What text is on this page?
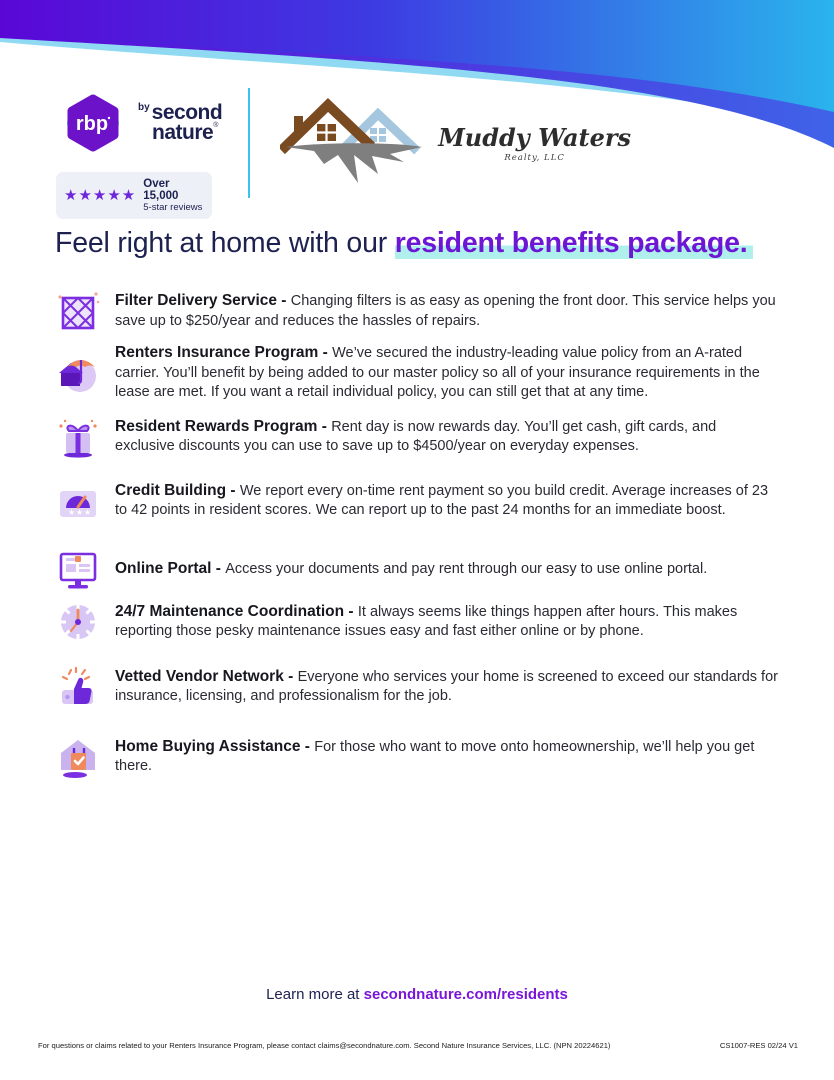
rbp
$^{by}$second
nature®
★★★★★
Over 15,000
5-star reviews
Muddy Waters
Realty, LLC
Feel right at home with our resident benefits package.
Filter Delivery Service - Changing filters is as easy as opening the front door. This service helps you save up to $250/year and reduces the hassles of repairs.
Renters Insurance Program - We’ve secured the industry-leading value policy from an A-rated carrier. You’ll benefit by being added to our master policy so all of your insurance requirements in the lease are met. If you want a retail individual policy, you can still get that at any time.
Resident Rewards Program - Rent day is now rewards day. You’ll get cash, gift cards, and exclusive discounts you can use to save up to $4500/year on everyday expenses.
★ ★ ★
Credit Building - We report every on-time rent payment so you build credit. Average increases of 23 to 42 points in resident scores. We can report up to the past 24 months for an immediate boost.
Online Portal - Access your documents and pay rent through our easy to use online portal.
24/7 Maintenance Coordination - It always seems like things happen after hours. This makes reporting those pesky maintenance issues easy and fast either online or by phone.
Vetted Vendor Network - Everyone who services your home is screened to exceed our standards for insurance, licensing, and professionalism for the job.
Home Buying Assistance - For those who want to move onto homeownership, we’ll help you get there.
Learn more at secondnature.com/residents
For questions or claims related to your Renters Insurance Program, please contact claims@secondnature.com. Second Nature Insurance Services, LLC. (NPN 20224621)	CS1007-RES 02/24 V1
